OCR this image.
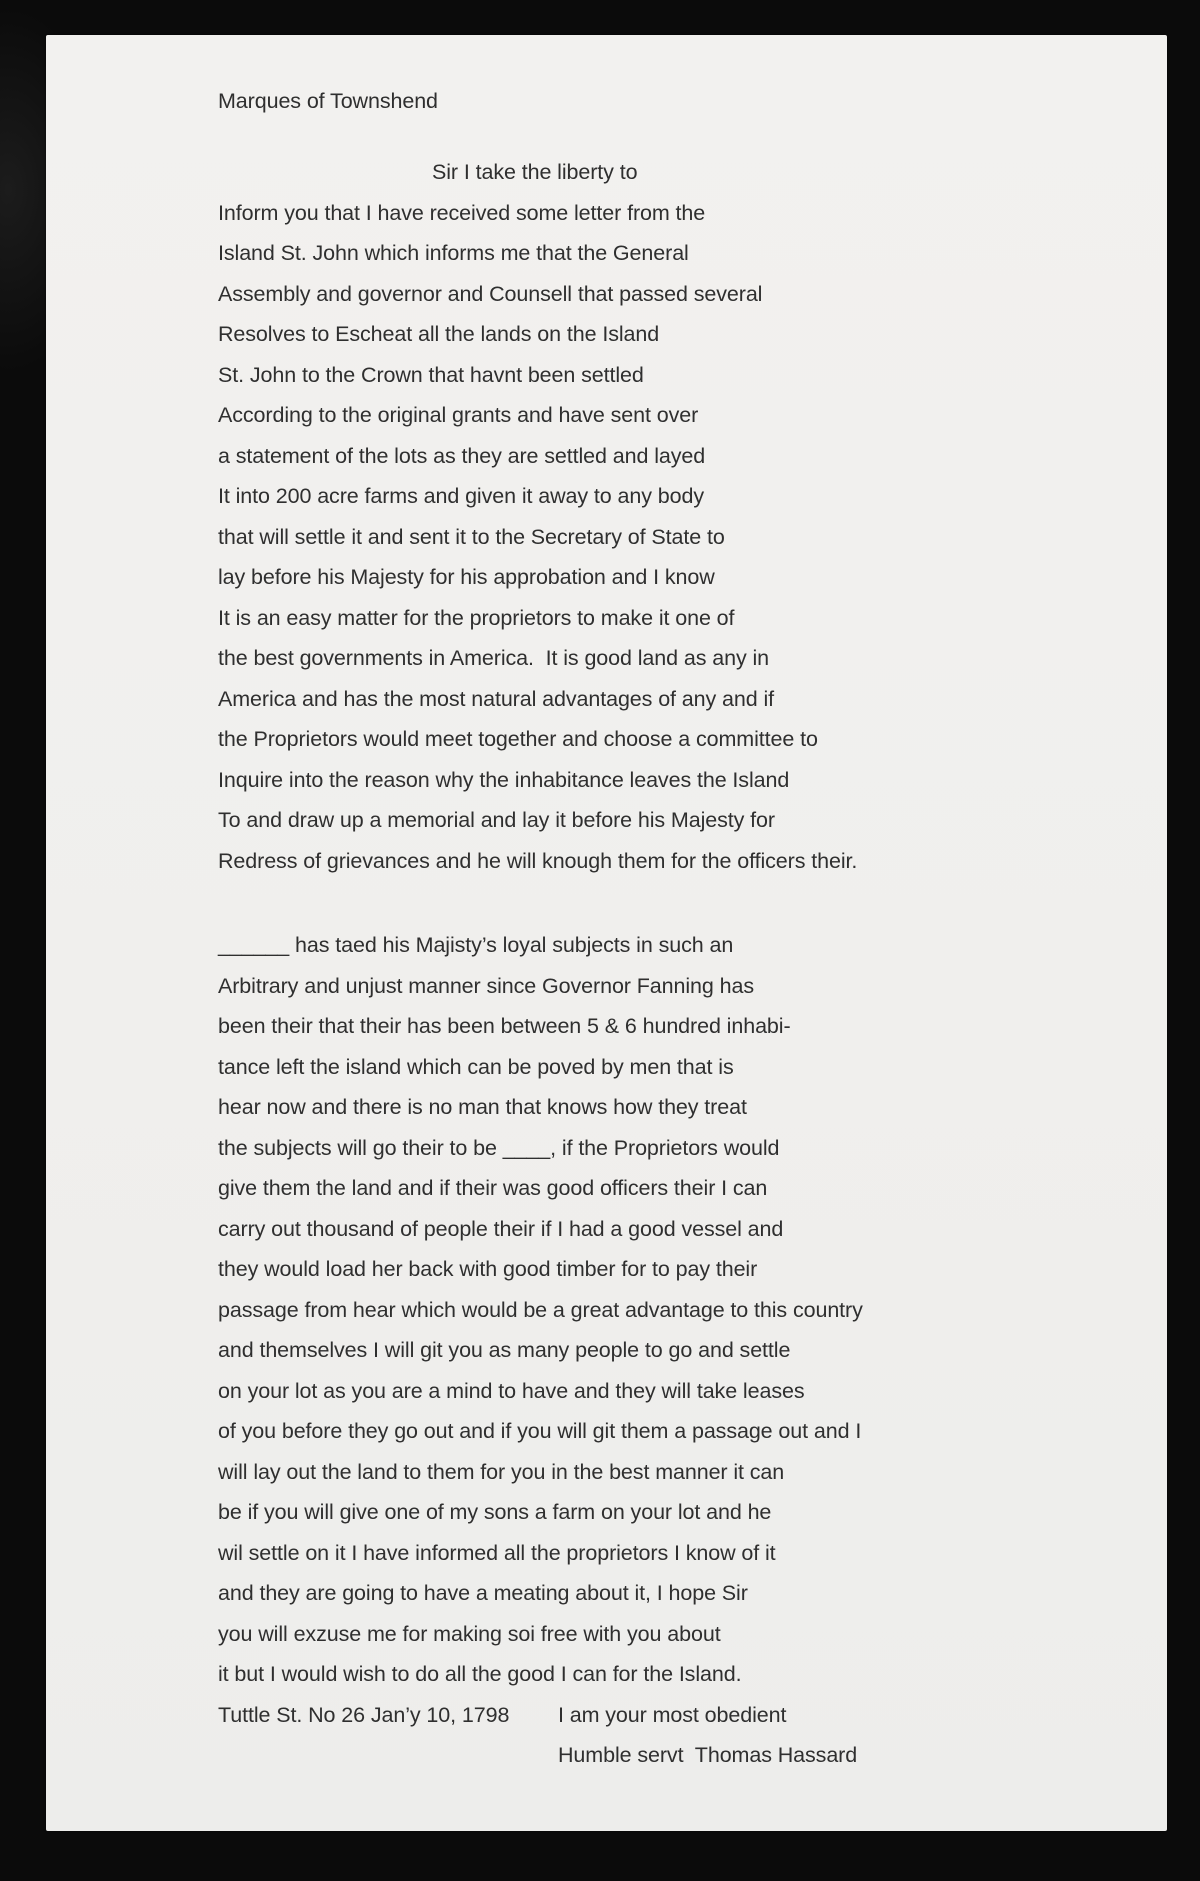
Marques of Townshend
Sir I take the liberty to
Inform you that I have received some letter from the
Island St. John which informs me that the General
Assembly and governor and Counsell that passed several
Resolves to Escheat all the lands on the Island
St. John to the Crown that havnt been settled
According to the original grants and have sent over
a statement of the lots as they are settled and layed
It into 200 acre farms and given it away to any body
that will settle it and sent it to the Secretary of State to
lay before his Majesty for his approbation and I know
It is an easy matter for the proprietors to make it one of
the best governments in America.  It is good land as any in
America and has the most natural advantages of any and if
the Proprietors would meet together and choose a committee to
Inquire into the reason why the inhabitance leaves the Island
To and draw up a memorial and lay it before his Majesty for
Redress of grievances and he will knough them for the officers their.
______ has taed his Majisty’s loyal subjects in such an
Arbitrary and unjust manner since Governor Fanning has
been their that their has been between 5 & 6 hundred inhabi-
tance left the island which can be poved by men that is
hear now and there is no man that knows how they treat
the subjects will go their to be ____, if the Proprietors would
give them the land and if their was good officers their I can
carry out thousand of people their if I had a good vessel and
they would load her back with good timber for to pay their
passage from hear which would be a great advantage to this country
and themselves I will git you as many people to go and settle
on your lot as you are a mind to have and they will take leases
of you before they go out and if you will git them a passage out and I
will lay out the land to them for you in the best manner it can
be if you will give one of my sons a farm on your lot and he
wil settle on it I have informed all the proprietors I know of it
and they are going to have a meating about it, I hope Sir
you will exzuse me for making soi free with you about
it but I would wish to do all the good I can for the Island.
Tuttle St. No 26 Jan’y 10, 1798 I am your most obedient
Humble servt  Thomas Hassard
